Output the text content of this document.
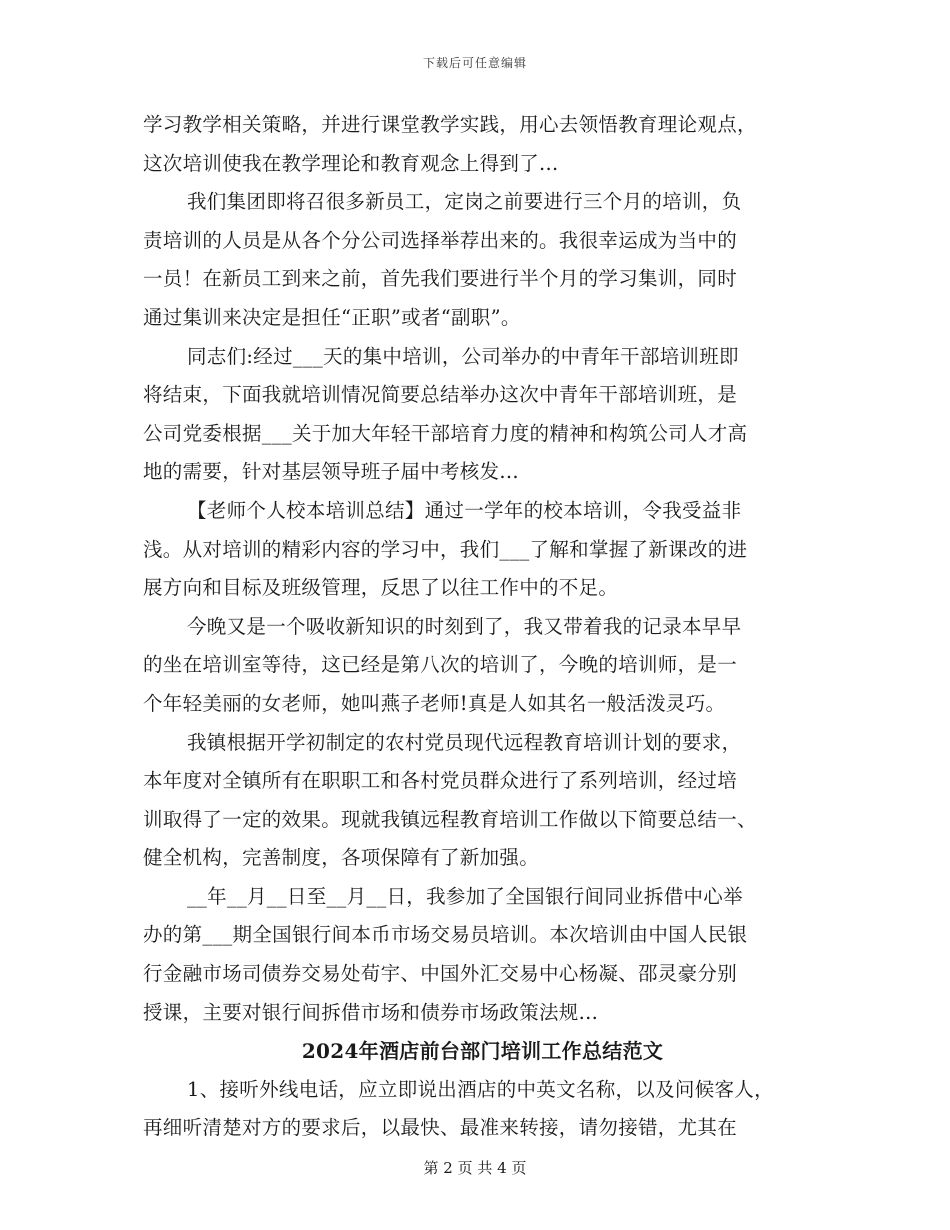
下载后可任意编辑
学习教学相关策略，并进行课堂教学实践，用心去领悟教育理论观点，
这次培训使我在教学理论和教育观念上得到了...
我们集团即将召很多新员工，定岗之前要进行三个月的培训，负
责培训的人员是从各个分公司选择举荐出来的。我很幸运成为当中的
一员！在新员工到来之前，首先我们要进行半个月的学习集训，同时
通过集训来决定是担任“正职”或者“副职”。
同志们:经过___天的集中培训，公司举办的中青年干部培训班即
将结束，下面我就培训情况简要总结举办这次中青年干部培训班，是
公司党委根据___关于加大年轻干部培育力度的精神和构筑公司人才高
地的需要，针对基层领导班子届中考核发...
【老师个人校本培训总结】通过一学年的校本培训，令我受益非
浅。从对培训的精彩内容的学习中，我们___了解和掌握了新课改的进
展方向和目标及班级管理，反思了以往工作中的不足。
今晚又是一个吸收新知识的时刻到了，我又带着我的记录本早早
的坐在培训室等待，这已经是第八次的培训了，今晚的培训师，是一
个年轻美丽的女老师，她叫燕子老师!真是人如其名一般活泼灵巧。
我镇根据开学初制定的农村党员现代远程教育培训计划的要求，
本年度对全镇所有在职职工和各村党员群众进行了系列培训，经过培
训取得了一定的效果。现就我镇远程教育培训工作做以下简要总结一、
健全机构，完善制度，各项保障有了新加强。
__年__月__日至__月__日，我参加了全国银行间同业拆借中心举
办的第___期全国银行间本币市场交易员培训。本次培训由中国人民银
行金融市场司债券交易处荀宇、中国外汇交易中心杨凝、邵灵豪分别
授课，主要对银行间拆借市场和债券市场政策法规...
2024年酒店前台部门培训工作总结范文
1、接听外线电话，应立即说出酒店的中英文名称，以及问候客人，
再细听清楚对方的要求后，以最快、最准来转接，请勿接错，尤其在
第 2 页 共 4 页
